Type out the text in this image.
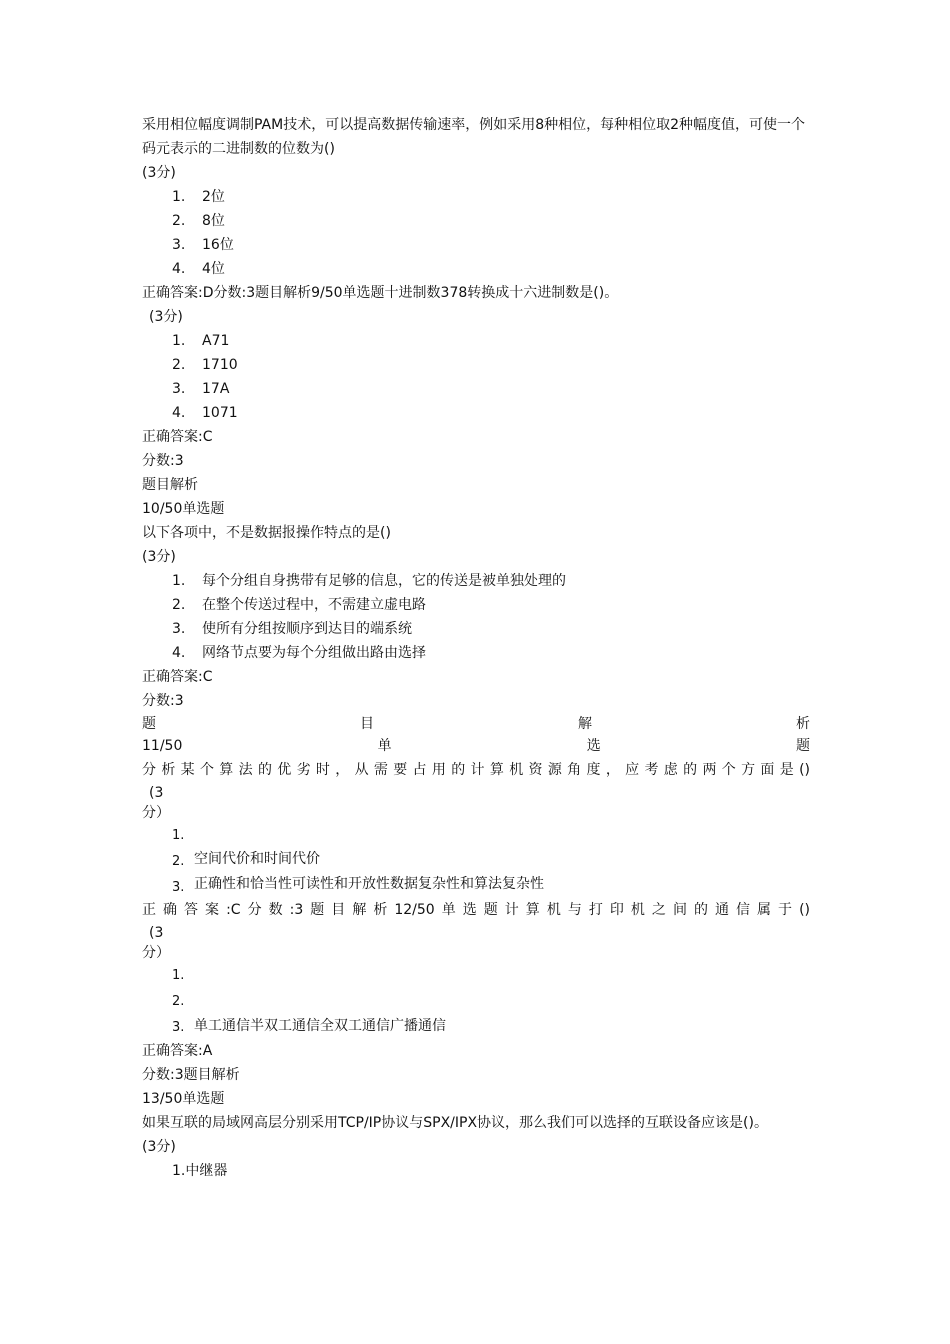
采用相位幅度调制PAM技术，可以提高数据传输速率，例如采用8种相位，每种相位取2种幅度值，可使一个码元表示的二进制数的位数为()
(3分)
1. 2位
2. 8位
3. 16位
4. 4位
正确答案:D分数:3题目解析9/50单选题十进制数378转换成十六进制数是()。
(3分)
1. A71
2. 1710
3. 17A
4. 1071
正确答案:C
分数:3
题目解析
10/50单选题
以下各项中，不是数据报操作特点的是()
(3分)
1. 每个分组自身携带有足够的信息，它的传送是被单独处理的
2. 在整个传送过程中，不需建立虚电路
3. 使所有分组按顺序到达目的端系统
4. 网络节点要为每个分组做出路由选择
正确答案:C
分数:3
题	目	解	析
11/50	单	选	题
分析某个算法的优劣时，从需要占用的计算机资源角度，应考虑的两个方面是()
(3
分）
1.
2.
3.
空间代价和时间代价
正确性和恰当性可读性和开放性数据复杂性和算法复杂性
正确答案:C分数:3题目解析12/50单选题计算机与打印机之间的通信属于()
(3
分）
1.
2.
3. 单工通信半双工通信全双工通信广播通信
正确答案:A
分数:3题目解析
13/50单选题
如果互联的局域网高层分别采用TCP/IP协议与SPX/IPX协议，那么我们可以选择的互联设备应该是()。
(3分)
1.中继器
